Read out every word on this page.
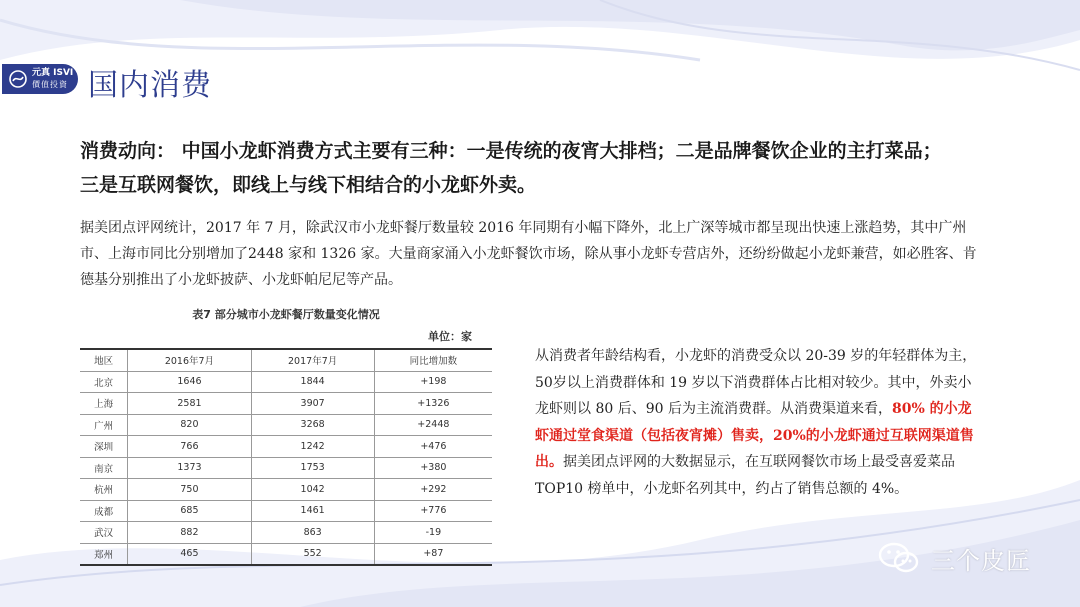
元真 ISVI
價值投資 国内消费
消费动向： 中国小龙虾消费方式主要有三种：一是传统的夜宵大排档；二是品牌餐饮企业的主打菜品； 三是互联网餐饮，即线上与线下相结合的小龙虾外卖。
据美团点评网统计，2017 年 7 月，除武汉市小龙虾餐厅数量较 2016 年同期有小幅下降外，北上广深等城市都呈现出快速上涨趋势，其中广州市、上海市同比分别增加了2448 家和 1326 家。大量商家涌入小龙虾餐饮市场，除从事小龙虾专营店外，还纷纷做起小龙虾兼营，如必胜客、肯德基分别推出了小龙虾披萨、小龙虾帕尼尼等产品。
表7 部分城市小龙虾餐厅数量变化情况
单位：家
地区	2016年7月	2017年7月	同比增加数
北京	1646	1844	+198
上海	2581	3907	+1326
广州	820	3268	+2448
深圳	766	1242	+476
南京	1373	1753	+380
杭州	750	1042	+292
成都	685	1461	+776
武汉	882	863	-19
郑州	465	552	+87
从消费者年龄结构看，小龙虾的消费受众以 20-39 岁的年轻群体为主，50岁以上消费群体和 19 岁以下消费群体占比相对较少。其中，外卖小龙虾则以 80 后、90 后为主流消费群。从消费渠道来看，80% 的小龙虾通过堂食渠道（包括夜宵摊）售卖，20%的小龙虾通过互联网渠道售出。据美团点评网的大数据显示，在互联网餐饮市场上最受喜爱菜品 TOP10 榜单中，小龙虾名列其中，约占了销售总额的 4%。
三个皮匠
